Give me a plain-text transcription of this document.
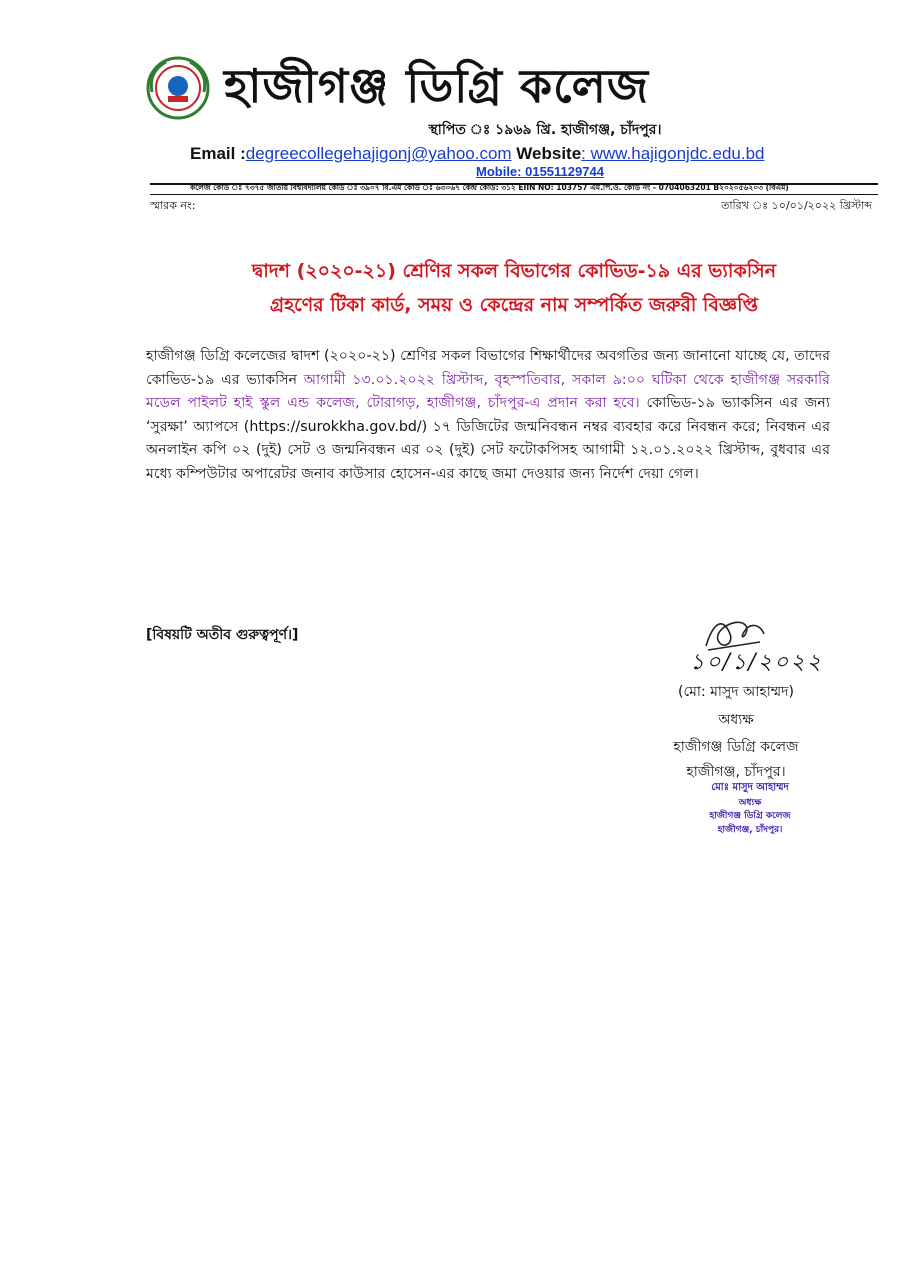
হাজীগঞ্জ ডিগ্রি কলেজ
স্থাপিত ঃ ১৯৬৯ খ্রি. হাজীগঞ্জ, চাঁদপুর।
Email :degreecollegehajigonj@yahoo.com Website: www.hajigonjdc.edu.bd
Mobile: 01551129744
কলেজ কোড ঃ ৭৩৭৫ জাতীয় বিশ্ববিদ্যালয় কোড ঃ ৩৯০৭ বি.এম কোড ঃ ৬৩০৬৭ কেন্দ্র কোড: ৩১২ EIIN NO: 103757 এম.পি.ও. কোড নং - 0704063201 B২০২০৫৬২০৩ (বিএম)
স্মারক নং:	তারিখ ঃ ১০/০১/২০২২ খ্রিস্টাব্দ
দ্বাদশ (২০২০-২১) শ্রেণির সকল বিভাগের কোভিড-১৯ এর ভ্যাকসিন
গ্রহণের টিকা কার্ড, সময় ও কেন্দ্রের নাম সম্পর্কিত জরুরী বিজ্ঞপ্তি
হাজীগঞ্জ ডিগ্রি কলেজের দ্বাদশ (২০২০-২১) শ্রেণির সকল বিভাগের শিক্ষার্থীদের অবগতির জন্য জানানো যাচ্ছে যে, তাদের কোভিড-১৯ এর ভ্যাকসিন আগামী ১৩.০১.২০২২ খ্রিস্টাব্দ, বৃহস্পতিবার, সকাল ৯:০০ ঘটিকা থেকে হাজীগঞ্জ সরকারি মডেল পাইলট হাই স্কুল এন্ড কলেজ, টোরাগড়, হাজীগঞ্জ, চাঁদপুর-এ প্রদান করা হবে। কোভিড-১৯ ভ্যাকসিন এর জন্য ‘সুরক্ষা’ অ্যাপসে (https://surokkha.gov.bd/) ১৭ ডিজিটের জন্মনিবন্ধন নম্বর ব্যবহার করে নিবন্ধন করে; নিবন্ধন এর অনলাইন কপি ০২ (দুই) সেট ও জন্মনিবন্ধন এর ০২ (দুই) সেট ফটোকপিসহ আগামী ১২.০১.২০২২ খ্রিস্টাব্দ, বুধবার এর মধ্যে কম্পিউটার অপারেটর জনাব কাউসার হোসেন-এর কাছে জমা দেওয়ার জন্য নির্দেশ দেয়া গেল।
[বিষয়টি অতীব গুরুত্বপূর্ণ।]
১০/১/২০২২
(মো: মাসুদ আহাম্মদ)
অধ্যক্ষ
হাজীগঞ্জ ডিগ্রি কলেজ
হাজীগঞ্জ, চাঁদপুর।
মোঃ মাসুদ আহাম্মদ
অধ্যক্ষ
হাজীগঞ্জ ডিগ্রি কলেজ
হাজীগঞ্জ, চাঁদপুর।
